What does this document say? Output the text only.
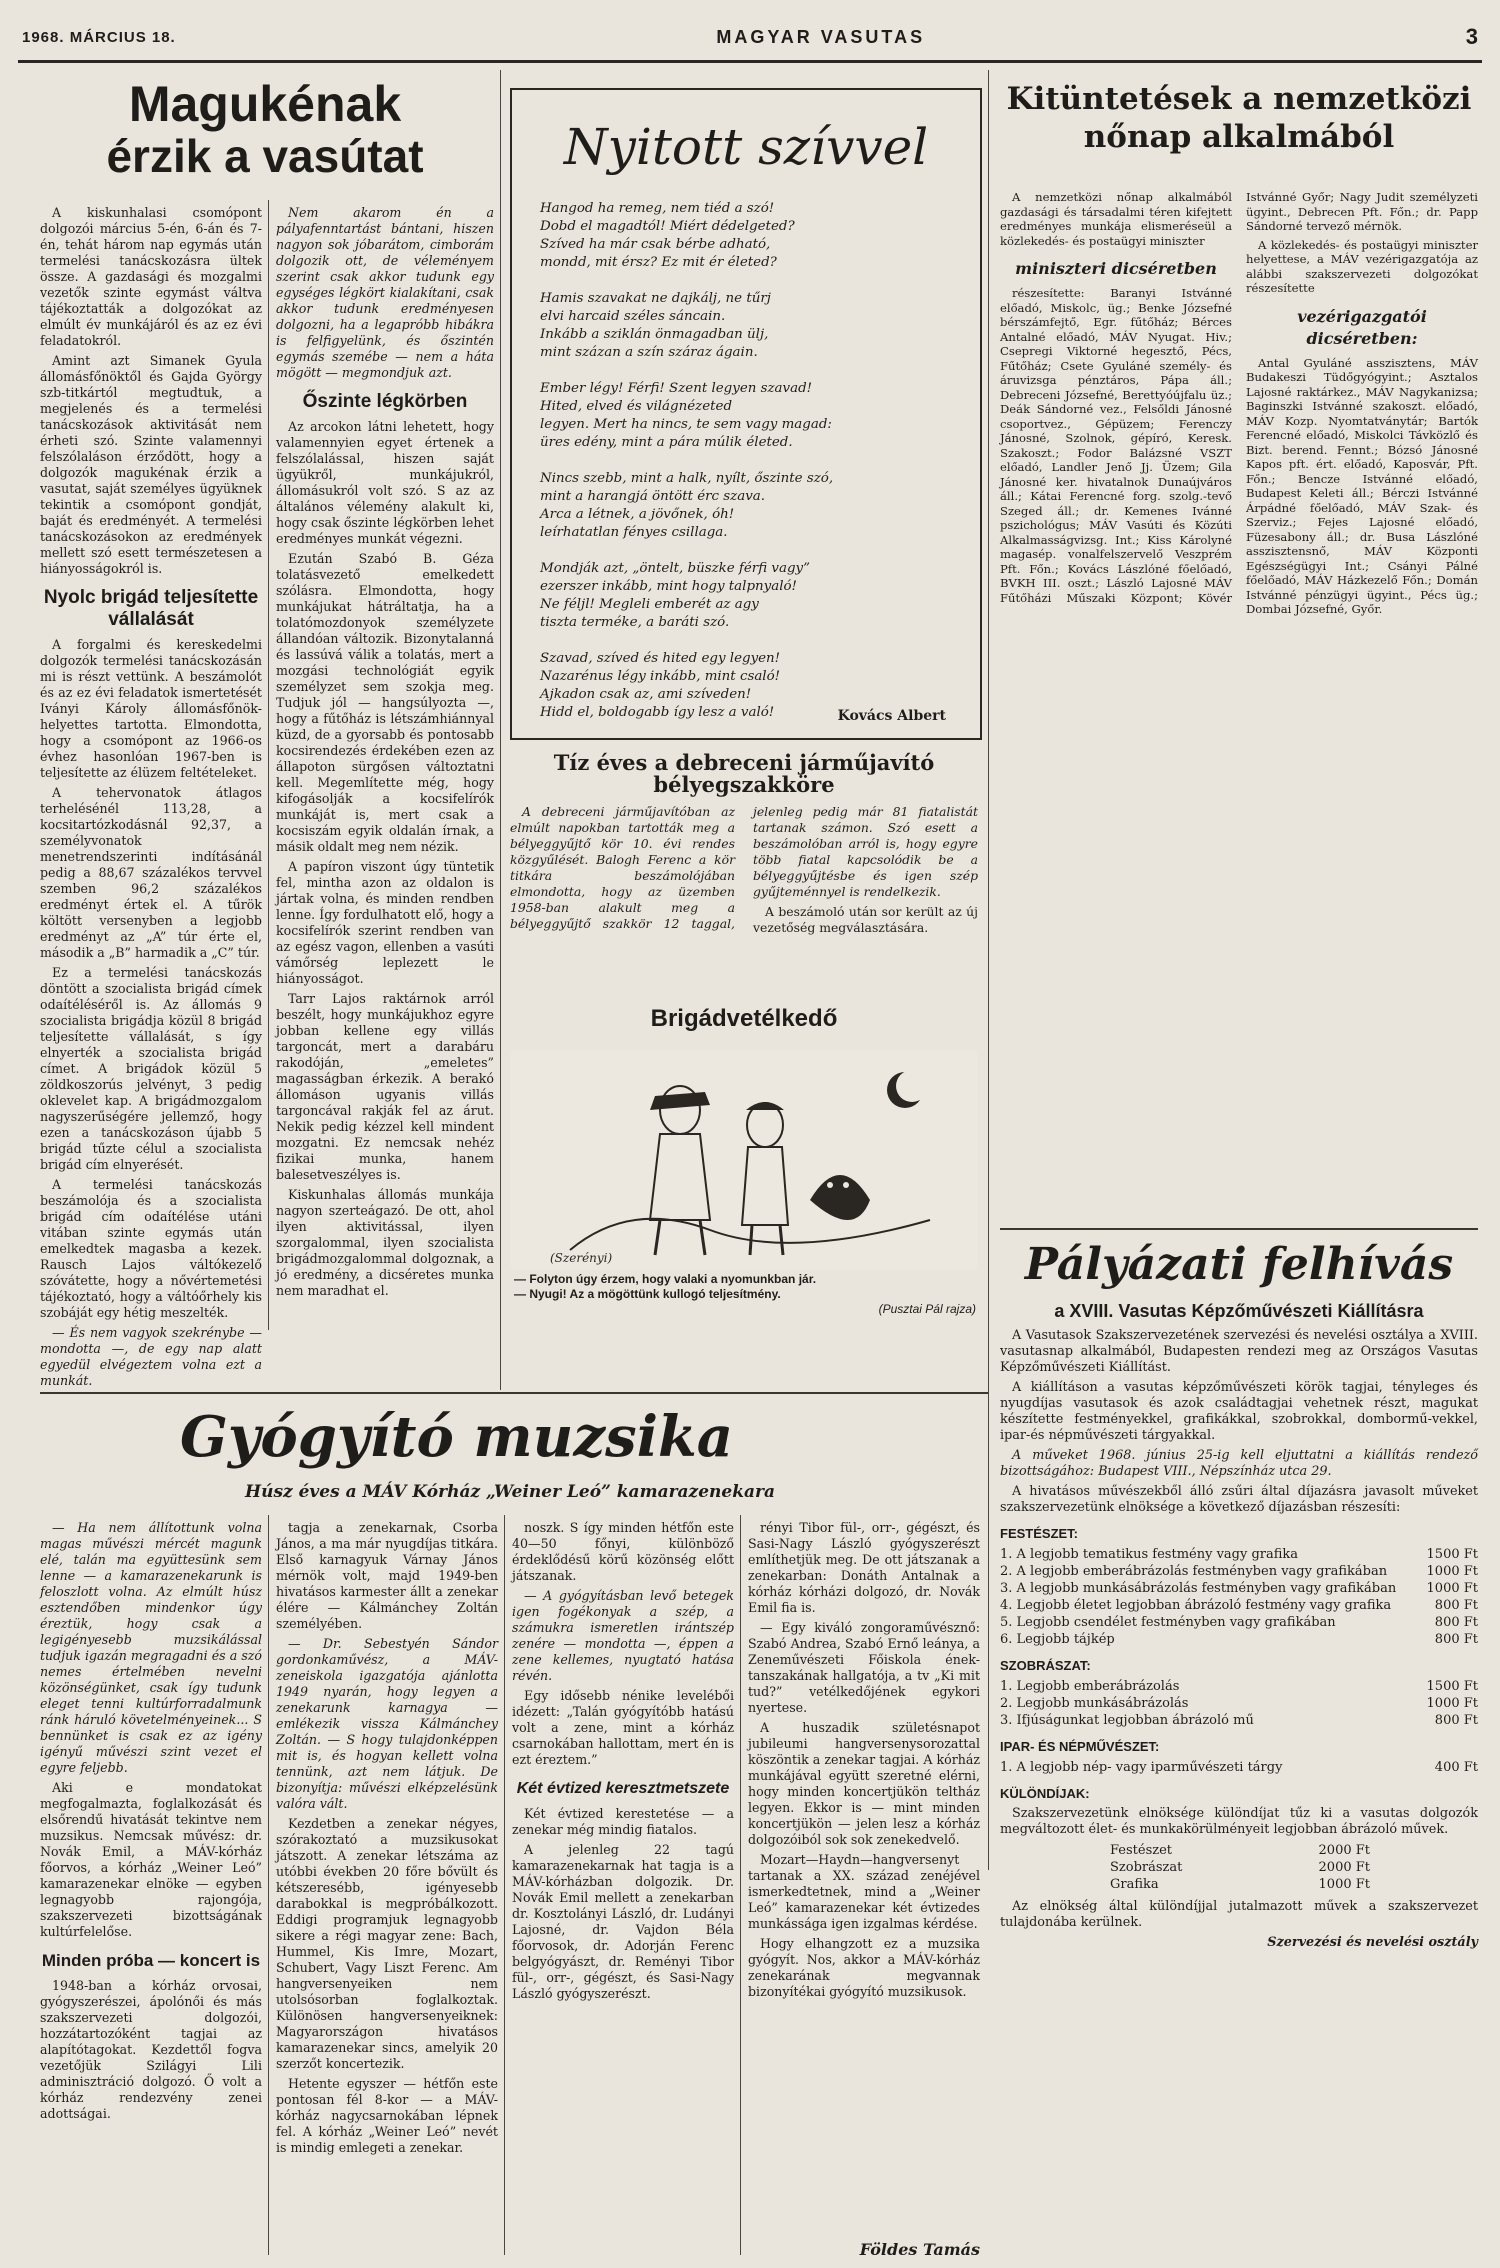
1968. MÁRCIUS 18.	MAGYAR VASUTAS	3
Magukénak
érzik a vasútat

A kiskunhalasi csomópont dolgozói március 5-én, 6-án és 7-én, tehát három nap egymás után termelési tanácskozásra ültek össze. A gazdasági és mozgalmi vezetők szinte egymást váltva tájékoztatták a dolgozókat az elmúlt év munkájáról és az ez évi feladatokról.

Amint azt Simanek Gyula állomásfőnöktől és Gajda György szb-titkártól megtudtuk, a megjelenés és a termelési tanácskozások aktivitását nem érheti szó. Szinte valamennyi felszólaláson érződött, hogy a dolgozók magukénak érzik a vasutat, saját személyes ügyüknek tekintik a csomópont gondját, baját és eredményét. A termelési tanácskozásokon az eredmények mellett szó esett természetesen a hiányosságokról is.

Nyolc brigád teljesítette vállalását

A forgalmi és kereskedelmi dolgozók termelési tanácskozásán mi is részt vettünk. A beszámolót és az ez évi feladatok ismertetését Iványi Károly állomásfőnök-helyettes tartotta. Elmondotta, hogy a csomópont az 1966-os évhez hasonlóan 1967-ben is teljesítette az élüzem feltételeket.

A tehervonatok átlagos terhelésénél 113,28, a kocsitartózkodásnál 92,37, a személyvonatok menetrendszerinti indításánál pedig a 88,67 százalékos tervvel szemben 96,2 százalékos eredményt értek el. A tűrök költött versenyben a legjobb eredményt az „A” túr érte el, második a „B” harmadik a „C” túr.

Ez a termelési tanácskozás döntött a szocialista brigád címek odaítéléséről is. Az állomás 9 szocialista brigádja közül 8 brigád teljesítette vállalását, s így elnyerték a szocialista brigád címet. A brigádok közül 5 zöldkoszorús jelvényt, 3 pedig oklevelet kap. A brigádmozgalom nagyszerűségére jellemző, hogy ezen a tanácskozáson újabb 5 brigád tűzte célul a szocialista brigád cím elnyerését.

A termelési tanácskozás beszámolója és a szocialista brigád cím odaítélése utáni vitában szinte egymás után emelkedtek magasba a kezek. Rausch Lajos váltókezelő szóvátette, hogy a nővértemetési tájékoztató, hogy a váltóőrhely kis szobáját egy hétig meszelték.

— És nem vagyok szekrénybe — mondotta —, de egy nap alatt egyedül elvégeztem volna ezt a munkát.

Nem akarom én a pályafenntartást bántani, hiszen nagyon sok jóbarátom, cimborám dolgozik ott, de véleményem szerint csak akkor tudunk egy egységes légkört kialakítani, csak akkor tudunk eredményesen dolgozni, ha a legapróbb hibákra is felfigyelünk, és őszintén egymás szemébe — nem a háta mögött — megmondjuk azt.

Őszinte légkörben

Az arcokon látni lehetett, hogy valamennyien egyet értenek a felszólalással, hiszen saját ügyükről, munkájukról, állomásukról volt szó. S az az általános vélemény alakult ki, hogy csak őszinte légkörben lehet eredményes munkát végezni.

Ezután Szabó B. Géza tolatásvezető emelkedett szólásra. Elmondotta, hogy munkájukat hátráltatja, ha a tolatómozdonyok személyzete állandóan változik. Bizonytalanná és lassúvá válik a tolatás, mert a mozgási technológiát egyik személyzet sem szokja meg. Tudjuk jól — hangsúlyozta —, hogy a fűtőház is létszámhiánnyal küzd, de a gyorsabb és pontosabb kocsirendezés érdekében ezen az állapoton sürgősen változtatni kell. Megemlítette még, hogy kifogásolják a kocsifelírók munkáját is, mert csak a kocsiszám egyik oldalán írnak, a másik oldalt meg nem nézik.

A papíron viszont úgy tüntetik fel, mintha azon az oldalon is jártak volna, és minden rendben lenne. Így fordulhatott elő, hogy a kocsifelírók szerint rendben van az egész vagon, ellenben a vasúti vámőrség leplezett le hiányosságot.

Tarr Lajos raktárnok arról beszélt, hogy munkájukhoz egyre jobban kellene egy villás targoncát, mert a darabáru rakodóján, „emeletes” magasságban érkezik. A berakó állomáson ugyanis villás targoncával rakják fel az árut. Nekik pedig kézzel kell mindent mozgatni. Ez nemcsak nehéz fizikai munka, hanem balesetveszélyes is.

Kiskunhalas állomás munkája nagyon szerteágazó. De ott, ahol ilyen aktivitással, ilyen szorgalommal, ilyen szocialista brigádmozgalommal dolgoznak, a jó eredmény, a dicséretes munka nem maradhat el.

Nyitott szívvel
Hangod ha remeg, nem tiéd a szó!
Dobd el magadtól! Miért dédelgeted?
Szíved ha már csak bérbe adható,
mondd, mit érsz? Ez mit ér életed?
Hamis szavakat ne dajkálj, ne tűrj
elvi harcaid széles sáncain.
Inkább a sziklán önmagadban ülj,
mint százan a szín száraz ágain.
Ember légy! Férfi! Szent legyen szavad!
Hited, elved és világnézeted
legyen. Mert ha nincs, te sem vagy magad:
üres edény, mint a pára múlik életed.
Nincs szebb, mint a halk, nyílt, őszinte szó,
mint a harangjá öntött érc szava.
Arca a létnek, a jövőnek, óh!
leírhatatlan fényes csillaga.
Mondják azt, „öntelt, büszke férfi vagy”
ezerszer inkább, mint hogy talpnyaló!
Ne féljl! Megleli emberét az agy
tiszta terméke, a baráti szó.
Szavad, szíved és hited egy legyen!
Nazarénus légy inkább, mint csaló!
Ajkadon csak az, ami szíveden!
Hidd el, boldogabb így lesz a való!	Kovács Albert
Tíz éves a debreceni járműjavító bélyegszakköre

A debreceni járműjavítóban az elmúlt napokban tartották meg a bélyeggyűjtő kör 10. évi rendes közgyűlését. Balogh Ferenc a kör titkára beszámolójában elmondotta, hogy az üzemben 1958-ban alakult meg a bélyeggyűjtő szakkör 12 taggal, jelenleg pedig már 81 fiatalistát tartanak számon. Szó esett a beszámolóban arról is, hogy egyre több fiatal kapcsolódik be a bélyeggyűjtésbe és igen szép gyűjteménnyel is rendelkezik.

A beszámoló után sor került az új vezetőség megválasztására.

Brigádvetélkedő
(Szerényi)
— Folyton úgy érzem, hogy valaki a nyomunkban jár.
— Nyugi! Az a mögöttünk kullogó teljesítmény.
(Pusztai Pál rajza)
Kitüntetések a nemzetközi nőnap alkalmából

A nemzetközi nőnap alkalmából gazdasági és társadalmi téren kifejtett eredményes munkája elismeréseül a közlekedés- és postaügyi miniszter

miniszteri dicséretben

részesítette: Baranyi Istvánné előadó, Miskolc, üg.; Benke Józsefné bérszámfejtő, Egr. fűtőház; Bérces Antalné előadó, MÁV Nyugat. Hiv.; Csepregi Viktorné hegesztő, Pécs, Fűtőház; Csete Gyuláné személy- és áruvizsga pénztáros, Pápa áll.; Debreceni Józsefné, Berettyóújfalu üz.; Deák Sándorné vez., Felsőldi Jánosné csoportvez., Gépüzem; Ferenczy Jánosné, Szolnok, gépíró, Keresk. Szakoszt.; Fodor Balázsné VSZT előadó, Landler Jenő Jj. Üzem; Gila Jánosné ker. hivatalnok Dunaújváros áll.; Kátai Ferencné forg. szolg.-tevő Szeged áll.; dr. Kemenes Ivánné pszichológus; MÁV Vasúti és Közúti Alkalmasságvizsg. Int.; Kiss Károlyné magasép. vonalfelszervelő Veszprém Pft. Főn.; Kovács Lászlóné főelőadó, BVKH III. oszt.; László Lajosné MÁV Fűtőházi Műszaki Központ; Kövér Istvánné Győr; Nagy Judit személyzeti ügyint., Debrecen Pft. Főn.; dr. Papp Sándorné tervező mérnök.

A közlekedés- és postaügyi miniszter helyettese, a MÁV vezérigazgatója az alábbi szakszervezeti dolgozókat részesítette

vezérigazgatói dicséretben:

Antal Gyuláné asszisztens, MÁV Budakeszi Tüdőgyógyint.; Asztalos Lajosné raktárkez., MÁV Nagykanizsa; Baginszki Istvánné szakoszt. előadó, MÁV Kozp. Nyomtatványtár; Bartók Ferencné előadó, Miskolci Távközlő és Bizt. berend. Fennt.; Bózsó Jánosné Kapos pft. ért. előadó, Kaposvár, Pft. Főn.; Bencze Istvánné előadó, Budapest Keleti áll.; Bérczi Istvánné Árpádné főelőadó, MÁV Szak- és Szerviz.; Fejes Lajosné előadó, Füzesabony áll.; dr. Busa Lászlóné asszisztensnő, MÁV Központi Egészségügyi Int.; Csányi Pálné főelőadó, MÁV Házkezelő Főn.; Domán Istvánné pénzügyi ügyint., Pécs üg.; Dombai Józsefné, Győr.

Pályázati felhívás
a XVIII. Vasutas Képzőművészeti Kiállításra

A Vasutasok Szakszervezetének szervezési és nevelési osztálya a XVIII. vasutasnap alkalmából, Budapesten rendezi meg az Országos Vasutas Képzőművészeti Kiállítást.

A kiállításon a vasutas képzőművészeti körök tagjai, tényleges és nyugdíjas vasutasok és azok családtagjai vehetnek részt, magukat készítette festményekkel, grafikákkal, szobrokkal, dombormű-vekkel, ipar-és népművészeti tárgyakkal.

A műveket 1968. június 25-ig kell eljuttatni a kiállítás rendező bizottságához: Budapest VIII., Népszínház utca 29.

A hivatásos művészekből álló zsűri által díjazásra javasolt műveket szakszervezetünk elnöksége a következő díjazásban részesíti:

FESTÉSZET:
1. A legjobb tematikus festmény vagy grafika	1500 Ft
2. A legjobb emberábrázolás festményben vagy grafikában	1000 Ft
3. A legjobb munkásábrázolás festményben vagy grafikában	1000 Ft
4. Legjobb életet legjobban ábrázoló festmény vagy grafika	800 Ft
5. Legjobb csendélet festményben vagy grafikában	800 Ft
6. Legjobb tájkép	800 Ft
SZOBRÁSZAT:
1. Legjobb emberábrázolás	1500 Ft
2. Legjobb munkásábrázolás	1000 Ft
3. Ifjúságunkat legjobban ábrázoló mű	800 Ft
IPAR- ÉS NÉPMŰVÉSZET:
1. A legjobb nép- vagy iparművészeti tárgy	400 Ft
KÜLÖNDÍJAK:

Szakszervezetünk elnöksége különdíjat tűz ki a vasutas dolgozók megváltozott élet- és munkakörülményeit legjobban ábrázoló művek.

Festészet	2000 Ft
Szobrászat	2000 Ft
Grafika	1000 Ft

Az elnökség által különdíjjal jutalmazott művek a szakszervezet tulajdonába kerülnek.

Szervezési és nevelési osztály
Gyógyító muzsika
Húsz éves a MÁV Kórház „Weiner Leó” kamarazenekara

— Ha nem állítottunk volna magas művészi mércét magunk elé, talán ma együttesünk sem lenne — a kamarazenekarunk is feloszlott volna. Az elmúlt húsz esztendőben mindenkor úgy éreztük, hogy csak a legigényesebb muzsikálással tudjuk igazán megragadni és a szó nemes értelmében nevelni közönségünket, csak így tudunk eleget tenni kultúrforradalmunk ránk háruló követelményeinek... S bennünket is csak ez az igény igényű művészi szint vezet el egyre feljebb.

Aki e mondatokat megfogalmazta, foglalkozását és elsőrendű hivatását tekintve nem muzsikus. Nemcsak művész: dr. Novák Emil, a MÁV-kórház főorvos, a kórház „Weiner Leó” kamarazenekar elnöke — egyben legnagyobb rajongója, szakszervezeti bizottságának kultúrfelelőse.

Minden próba — koncert is

1948-ban a kórház orvosai, gyógyszerészei, ápolónői és más szakszervezeti dolgozói, hozzátartozóként tagjai az alapítótagokat. Kezdettől fogva vezetőjük Szilágyi Lili adminisztráció dolgozó. Ő volt a kórház rendezvény zenei adottságai.

tagja a zenekarnak, Csorba János, a ma már nyugdíjas titkára. Első karnagyuk Várnay János mérnök volt, majd 1949-ben hivatásos karmester állt a zenekar élére — Kálmánchey Zoltán személyében.

— Dr. Sebestyén Sándor gordonkaművész, a MÁV-zeneiskola igazgatója ajánlotta 1949 nyarán, hogy legyen a zenekarunk karnagya — emlékezik vissza Kálmánchey Zoltán. — S hogy tulajdonképpen mit is, és hogyan kellett volna tennünk, azt nem látjuk. De bizonyítja: művészi elképzelésünk valóra vált.

Kezdetben a zenekar négyes, szórakoztató a muzsikusokat játszott. A zenekar létszáma az utóbbi években 20 főre bővült és kétszeresébb, igényesebb darabokkal is megpróbálkozott. Eddigi programjuk legnagyobb sikere a régi magyar zene: Bach, Hummel, Kis Imre, Mozart, Schubert, Vagy Liszt Ferenc. Am hangversenyeiken nem utolsósorban foglalkoztak. Különösen hangversenyeiknek: Magyarországon hivatásos kamarazenekar sincs, amelyik 20 szerzőt koncertezik.

Hetente egyszer — hétfőn este pontosan fél 8-kor — a MÁV-kórház nagycsarnokában lépnek fel. A kórház „Weiner Leó” nevét is mindig emlegeti a zenekar.

noszk. S így minden hétfőn este 40—50 főnyi, különböző érdeklődésű körű közönség előtt játszanak.

— A gyógyításban levő betegek igen fogékonyak a szép, a számukra ismeretlen irántszép zenére — mondotta —, éppen a zene kellemes, nyugtató hatása révén.

Egy idősebb nénike levelébői idézett: „Talán gyógyítóbb hatású volt a zene, mint a kórház csarnokában hallottam, mert én is ezt éreztem.”

Két évtized keresztmetszete

Két évtized kerestetése — a zenekar még mindig fiatalos.

A jelenleg 22 tagú kamarazenekarnak hat tagja is a MÁV-kórházban dolgozik. Dr. Novák Emil mellett a zenekarban dr. Kosztolányi László, dr. Ludányi Lajosné, dr. Vajdon Béla főorvosok, dr. Adorján Ferenc belgyógyászt, dr. Reményi Tibor fül-, orr-, gégészt, és Sasi-Nagy László gyógyszerészt.

rényi Tibor fül-, orr-, gégészt, és Sasi-Nagy László gyógyszerészt említhetjük meg. De ott játszanak a zenekarban: Donáth Antalnak a kórház kórházi dolgozó, dr. Novák Emil fia is.

— Egy kiváló zongoraművésznő: Szabó Andrea, Szabó Ernő leánya, a Zeneművészeti Főiskola ének-tanszakának hallgatója, a tv „Ki mit tud?” vetélkedőjének egykori nyertese.

A huszadik születésnapot jubileumi hangversenysorozattal köszöntik a zenekar tagjai. A kórház munkájával együtt szeretné elérni, hogy minden koncertjükön teltház legyen. Ekkor is — mint minden koncertjükön — jelen lesz a kórház dolgozóiból sok sok zenekedvelő.

Mozart—Haydn—hangversenyt tartanak a XX. század zenéjével ismerkedtetnek, mind a „Weiner Leó” kamarazenekar két évtizedes munkássága igen izgalmas kérdése.

Hogy elhangzott ez a muzsika gyógyít. Nos, akkor a MÁV-kórház zenekarának megvannak bizonyítékai gyógyító muzsikusok.

Földes Tamás
